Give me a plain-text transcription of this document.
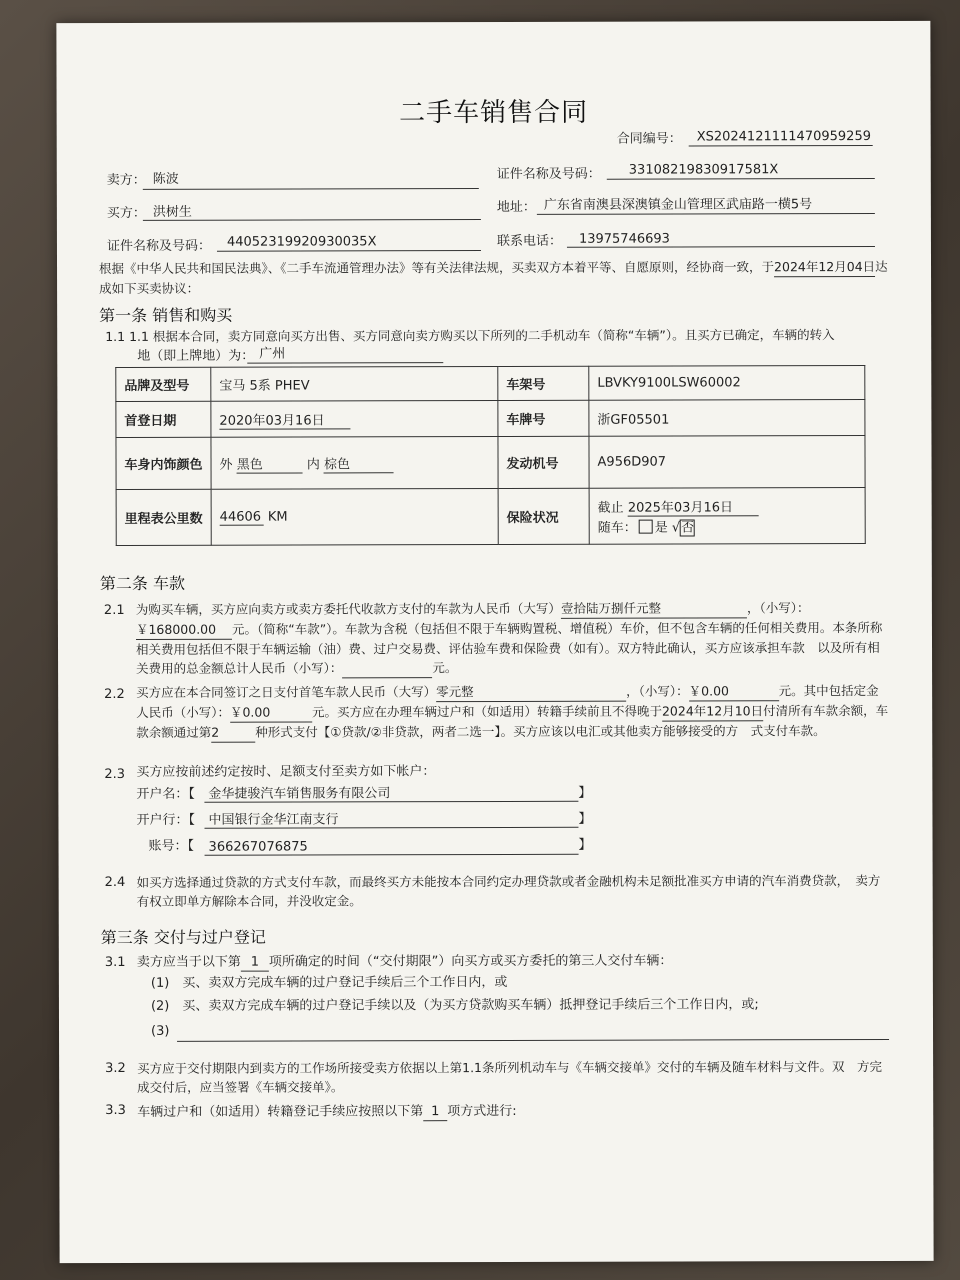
二手车销售合同
合同编号： XS2024121111470959259
卖方： 陈波	证件名称及号码： 33108219830917581X
买方： 洪树生	地址： 广东省南澳县深澳镇金山管理区武庙路一横5号
证件名称及号码： 44052319920930035X	联系电话： 13975746693
根据《中华人民共和国民法典》、《二手车流通管理办法》等有关法律法规，买卖双方本着平等、自愿原则，经协商一致，于2024年12月04日达成如下买卖协议：
第一条 销售和购买
1.1 1.1 根据本合同，卖方同意向买方出售、买方同意向卖方购买以下所列的二手机动车（简称“车辆”）。且买方已确定，车辆的转入
地（即上牌地）为： 广州
品牌及型号	宝马 5系 PHEV	车架号	LBVKY9100LSW60002
首登日期	2020年03月16日	车牌号	浙GF05501
车身内饰颜色	外 黑色 内 棕色	发动机号	A956D907
里程表公里数	44606 KM	保险状况	截止 2025年03月16日
随车： 是 √否
第二条 车款
2.1 为购买车辆，买方应向卖方或卖方委托代收款方支付的车款为人民币（大写）壹拾陆万捌仟元整	，（小写）：￥168000.00 元。（简称“车款”）。车款为含税（包括但不限于车辆购置税、增值税）车价，但不包含车辆的任何相关费用。本条所称相关费用包括但不限于车辆运输（油）费、过户交易费、评估验车费和保险费（如有）。双方特此确认，买方应该承担车款　以及所有相关费用的总金额总计人民币（小写）：	元。
2.2 买方应在本合同签订之日支付首笔车款人民币（大写）零元整	，（小写）：￥0.00	元。其中包括定金人民币（小写）：￥0.00	元。买方应在办理车辆过户和（如适用）转籍手续前且不得晚于2024年12月10日付清所有车款余额，车款余额通过第2	种形式支付【①贷款/②非贷款，两者二选一】。买方应该以电汇或其他卖方能够接受的方　式支付车款。
2.3 买方应按前述约定按时、足额支付至卖方如下帐户：
开户名：【 金华捷骏汽车销售服务有限公司	】
开户行：【 中国银行金华江南支行	】
账号：【 366267076875	】
2.4 如买方选择通过贷款的方式支付车款，而最终买方未能按本合同约定办理贷款或者金融机构未足额批准买方申请的汽车消费贷款，　卖方有权立即单方解除本合同，并没收定金。
第三条 交付与过户登记
3.1 卖方应当于以下第 1 项所确定的时间（“交付期限”）向买方或买方委托的第三人交付车辆：
(1)　买、卖双方完成车辆的过户登记手续后三个工作日内，或
(2)　买、卖双方完成车辆的过户登记手续以及（为买方贷款购买车辆）抵押登记手续后三个工作日内，或;
(3)
3.2 买方应于交付期限内到卖方的工作场所接受卖方依据以上第1.1条所列机动车与《车辆交接单》交付的车辆及随车材料与文件。双　方完成交付后，应当签署《车辆交接单》。
3.3 车辆过户和（如适用）转籍登记手续应按照以下第 1 项方式进行:
